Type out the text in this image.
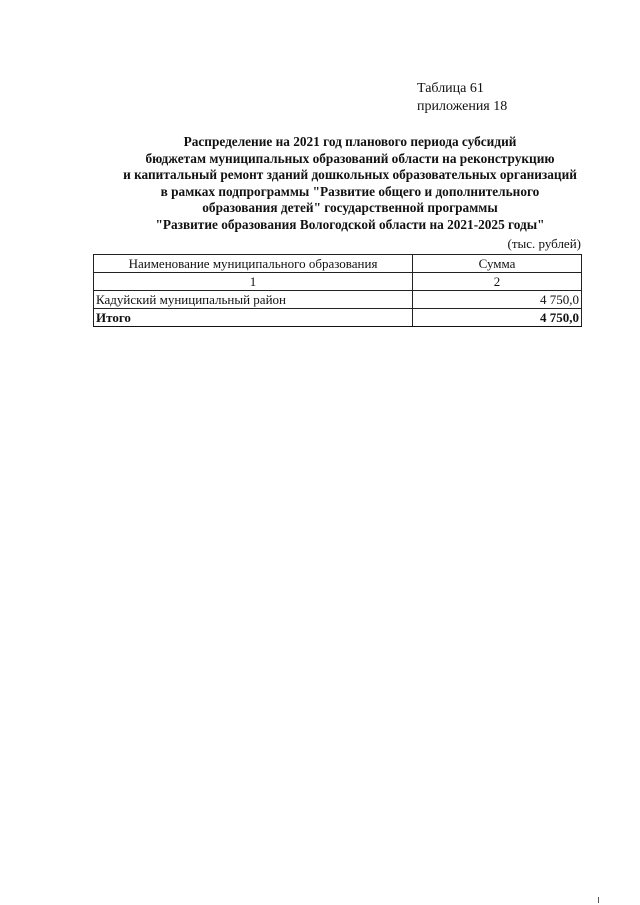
Таблица 61
приложения 18
Распределение на 2021 год планового периода субсидий
бюджетам муниципальных образований области на реконструкцию
и капитальный ремонт зданий дошкольных образовательных организаций
в рамках подпрограммы "Развитие общего и дополнительного
образования детей" государственной программы
"Развитие образования Вологодской области на 2021-2025 годы"
(тыс. рублей)
Наименование муниципального образования	Сумма
1	2
Кадуйский муниципальный район	4 750,0
Итого	4 750,0
